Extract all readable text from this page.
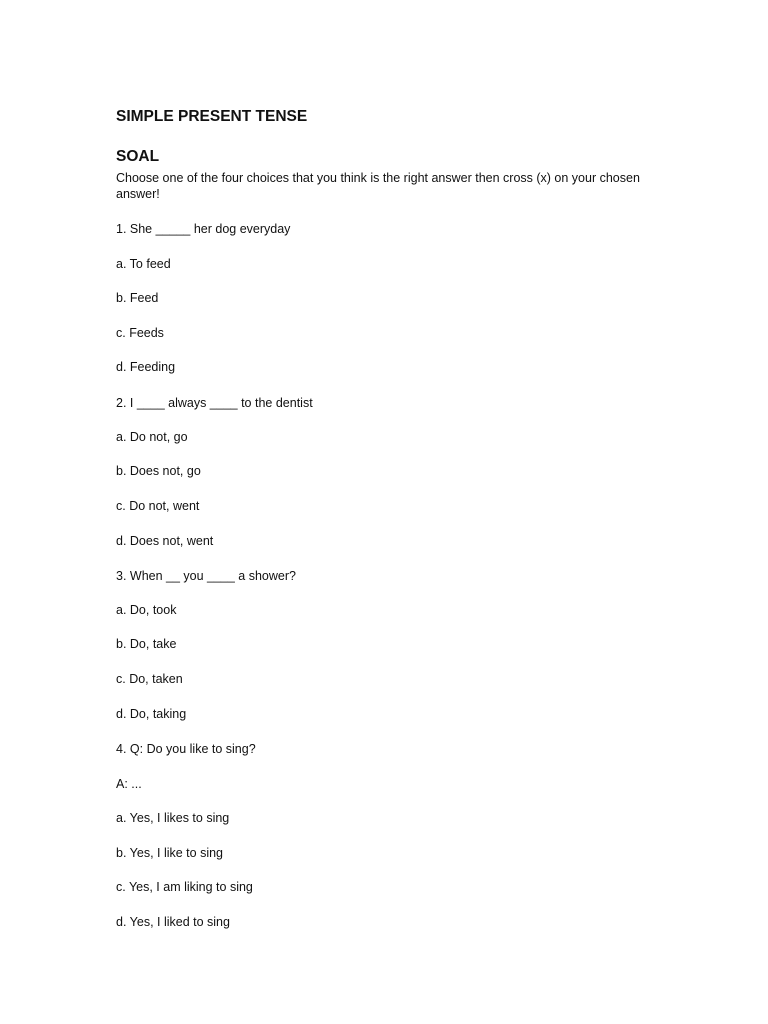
SIMPLE PRESENT TENSE
SOAL

Choose one of the four choices that you think is the right answer then cross (x) on your chosen answer!

1. She _____ her dog everyday
a. To feed
b. Feed
c. Feeds
d. Feeding
2. I ____ always ____ to the dentist
a. Do not, go
b. Does not, go
c. Do not, went
d. Does not, went
3. When __ you ____ a shower?
a. Do, took
b. Do, take
c. Do, taken
d. Do, taking
4. Q: Do you like to sing?
A: ...
a. Yes, I likes to sing
b. Yes, I like to sing
c. Yes, I am liking to sing
d. Yes, I liked to sing
